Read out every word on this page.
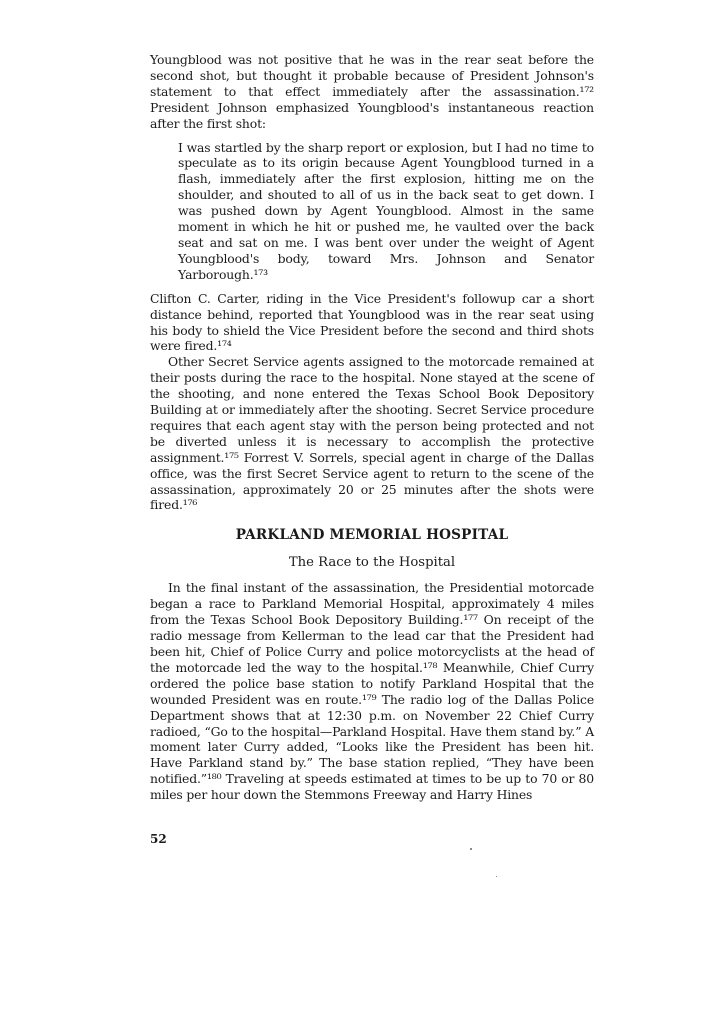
Youngblood was not positive that he was in the rear seat before the second shot, but thought it probable because of President Johnson's statement to that effect immediately after the assassination.¹⁷² President Johnson emphasized Youngblood's instantaneous reaction after the first shot:

I was startled by the sharp report or explosion, but I had no time to speculate as to its origin because Agent Youngblood turned in a flash, immediately after the first explosion, hitting me on the shoulder, and shouted to all of us in the back seat to get down. I was pushed down by Agent Youngblood. Almost in the same moment in which he hit or pushed me, he vaulted over the back seat and sat on me. I was bent over under the weight of Agent Youngblood's body, toward Mrs. Johnson and Senator Yarborough.¹⁷³

Clifton C. Carter, riding in the Vice President's followup car a short distance behind, reported that Youngblood was in the rear seat using his body to shield the Vice President before the second and third shots were fired.¹⁷⁴

Other Secret Service agents assigned to the motorcade remained at their posts during the race to the hospital. None stayed at the scene of the shooting, and none entered the Texas School Book Depository Building at or immediately after the shooting. Secret Service procedure requires that each agent stay with the person being protected and not be diverted unless it is necessary to accomplish the protective assignment.¹⁷⁵ Forrest V. Sorrels, special agent in charge of the Dallas office, was the first Secret Service agent to return to the scene of the assassination, approximately 20 or 25 minutes after the shots were fired.¹⁷⁶

PARKLAND MEMORIAL HOSPITAL
The Race to the Hospital

In the final instant of the assassination, the Presidential motorcade began a race to Parkland Memorial Hospital, approximately 4 miles from the Texas School Book Depository Building.¹⁷⁷ On receipt of the radio message from Kellerman to the lead car that the President had been hit, Chief of Police Curry and police motorcyclists at the head of the motorcade led the way to the hospital.¹⁷⁸ Meanwhile, Chief Curry ordered the police base station to notify Parkland Hospital that the wounded President was en route.¹⁷⁹ The radio log of the Dallas Police Department shows that at 12:30 p.m. on November 22 Chief Curry radioed, “Go to the hospital—Parkland Hospital. Have them stand by.” A moment later Curry added, “Looks like the President has been hit. Have Parkland stand by.” The base station replied, “They have been notified.”¹⁸⁰ Traveling at speeds estimated at times to be up to 70 or 80 miles per hour down the Stemmons Freeway and Harry Hines

52
